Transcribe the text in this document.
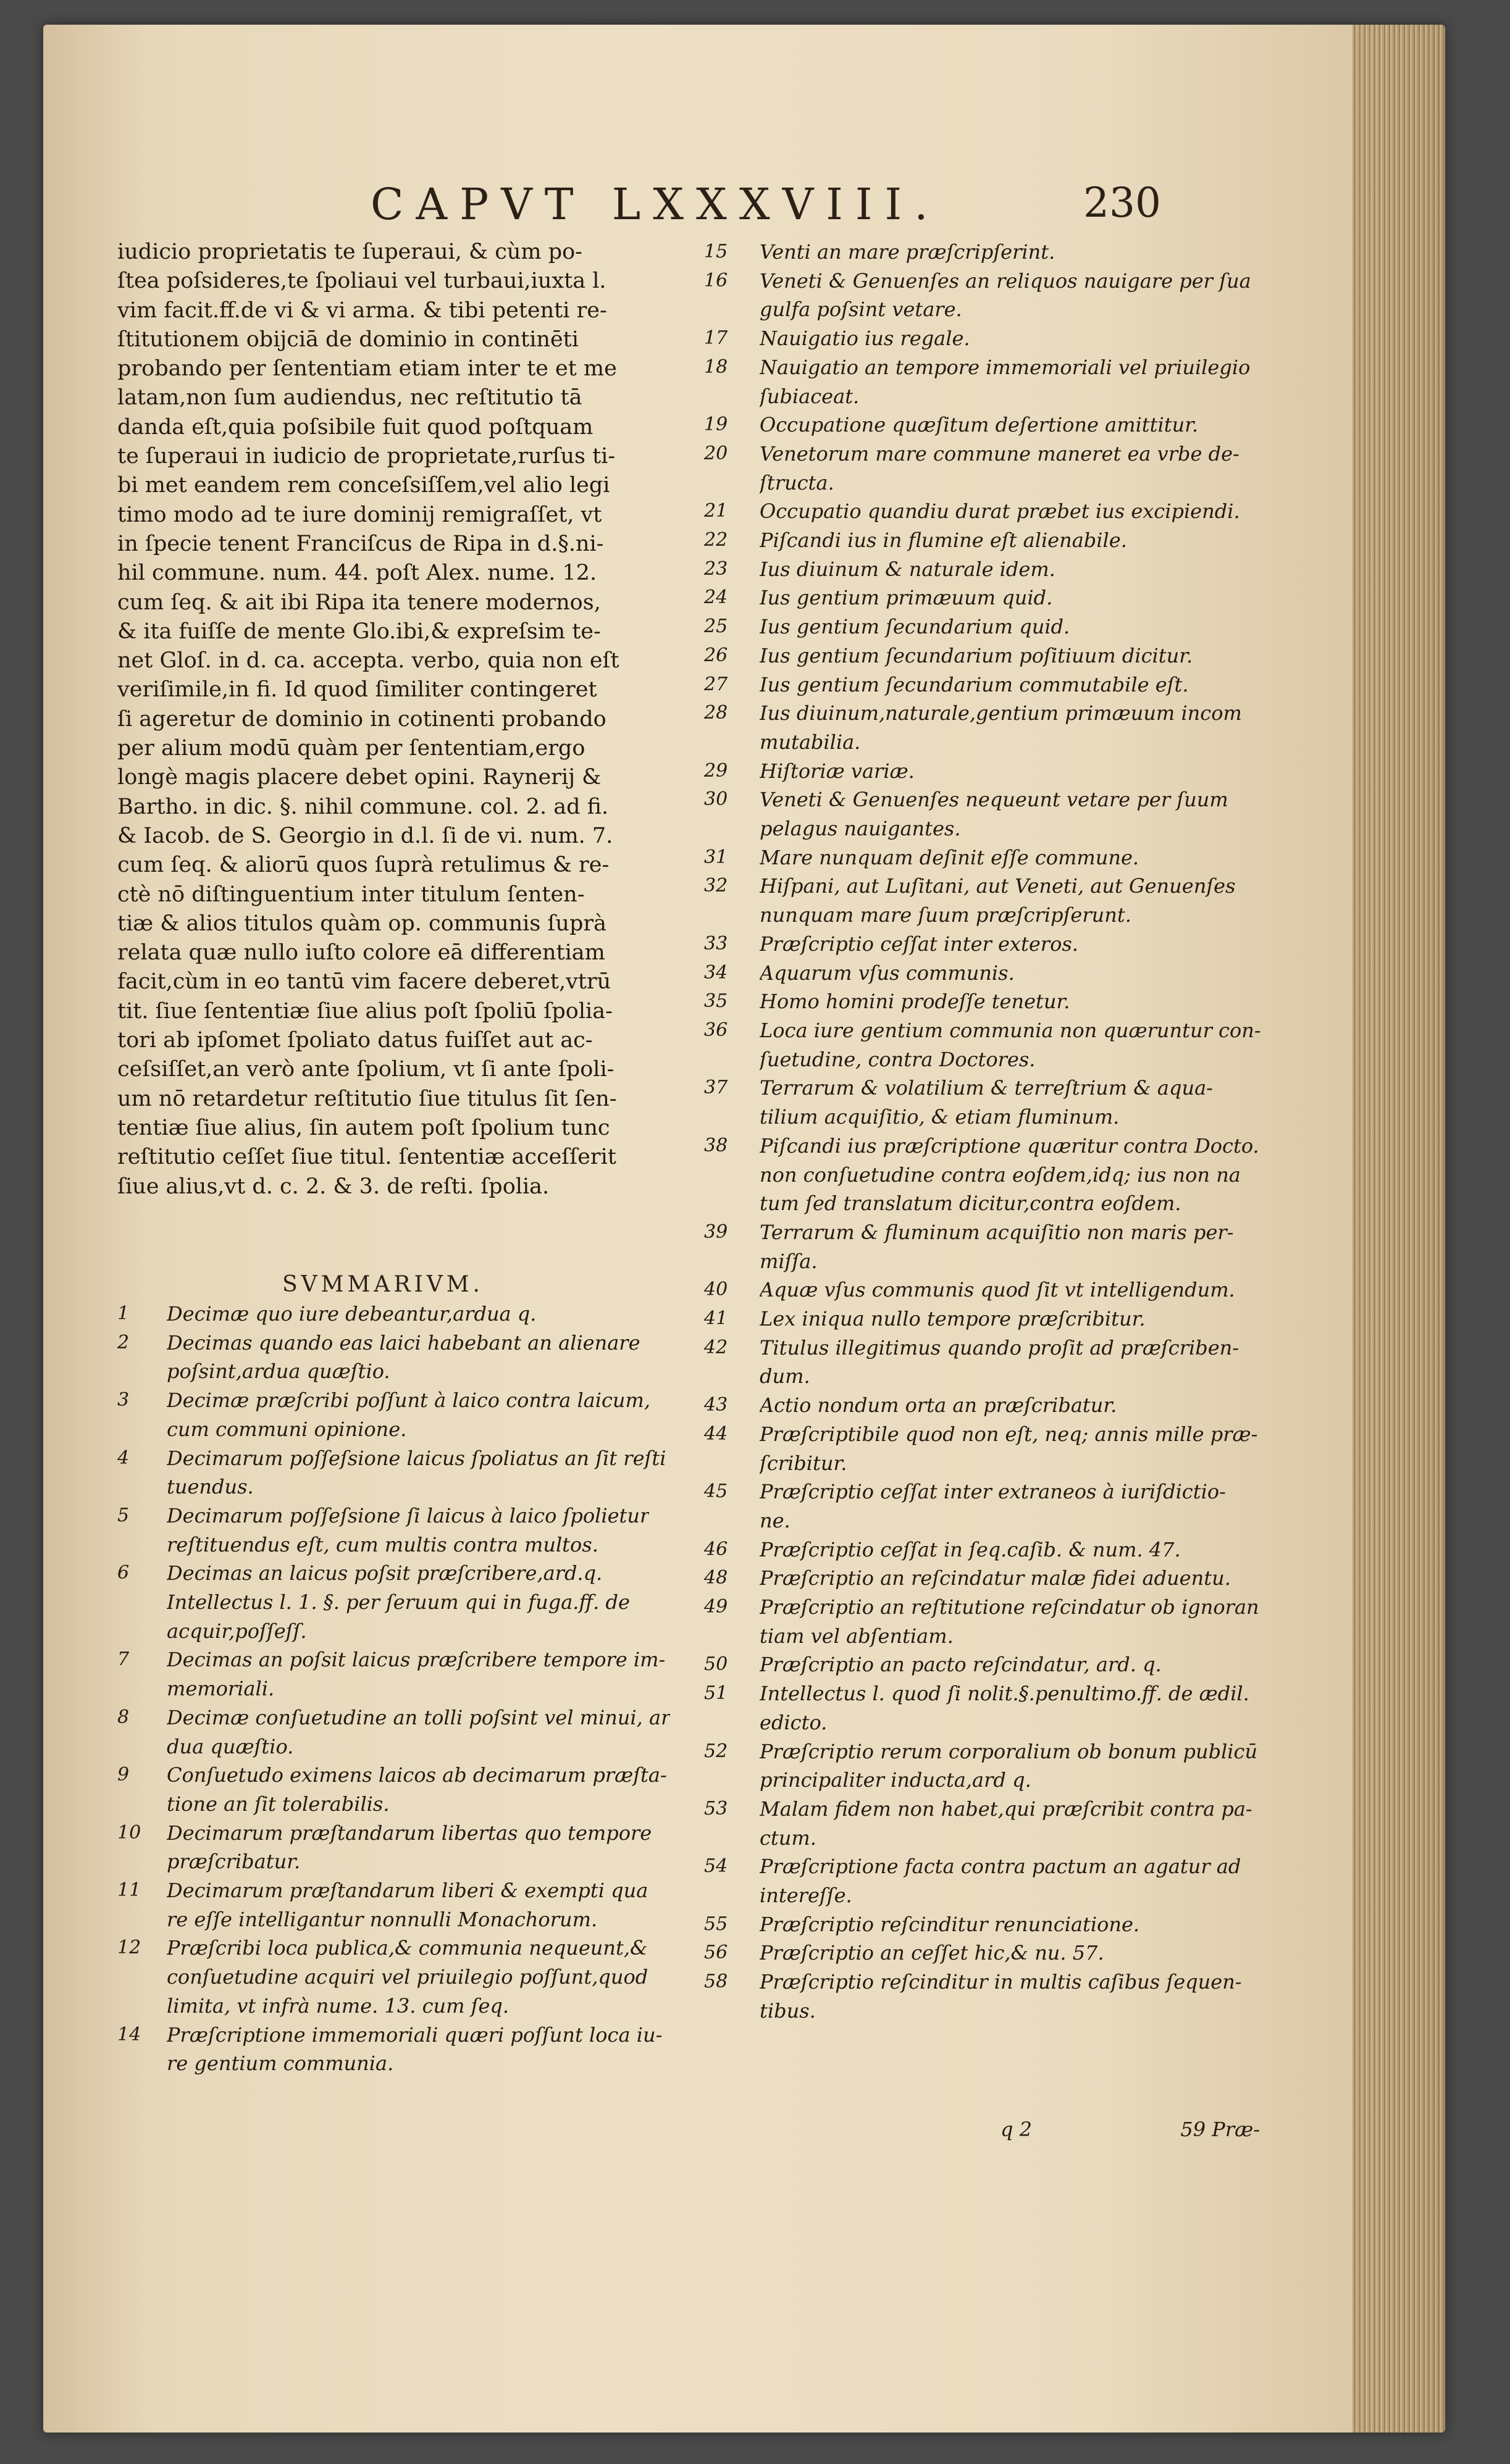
CAPVT LXXXVIII.	230
iudicio proprietatis te ſuperaui, & cùm po-
ſtea poſsideres,te ſpoliaui vel turbaui,iuxta l.
vim facit.ff.de vi & vi arma. & tibi petenti re-
ſtitutionem obijciā de dominio in continēti
probando per ſententiam etiam inter te et me
latam,non ſum audiendus, nec reſtitutio tā
danda eſt,quia poſsibile fuit quod poſtquam
te ſuperaui in iudicio de proprietate,rurſus ti-
bi met eandem rem conceſsiſſem,vel alio legi
timo modo ad te iure dominij remigraſſet, vt
in ſpecie tenent Franciſcus de Ripa in d.§.ni-
hil commune. num. 44. poſt Alex. nume. 12.
cum ſeq. & ait ibi Ripa ita tenere modernos,
& ita fuiſſe de mente Glo.ibi,& expreſsim te-
net Gloſ. in d. ca. accepta. verbo, quia non eſt
veriſimile,in fi. Id quod ſimiliter contingeret
ſi ageretur de dominio in cotinenti probando
per alium modū quàm per ſententiam,ergo
longè magis placere debet opini. Raynerij &
Bartho. in dic. §. nihil commune. col. 2. ad fi.
& Iacob. de S. Georgio in d.l. ſi de vi. num. 7.
cum ſeq. & aliorū quos ſuprà retulimus & re-
ctè nō diſtinguentium inter titulum ſenten-
tiæ & alios titulos quàm op. communis ſuprà
relata quæ nullo iuſto colore eā differentiam
facit,cùm in eo tantū vim facere deberet,vtrū
tit. ſiue ſententiæ ſiue alius poſt ſpoliū ſpolia-
tori ab ipſomet ſpoliato datus fuiſſet aut ac-
ceſsiſſet,an verò ante ſpolium, vt ſi ante ſpoli-
um nō retardetur reſtitutio ſiue titulus ſit ſen-
tentiæ ſiue alius, ſin autem poſt ſpolium tunc
reſtitutio ceſſet ſiue titul. ſententiæ acceſſerit
ſiue alius,vt d. c. 2. & 3. de reſti. ſpolia.
SVMMARIVM.
1	Decimæ quo iure debeantur,ardua q.
2	Decimas quando eas laici habebant an alienare
poſsint,ardua quæſtio.
3	Decimæ præſcribi poſſunt à laico contra laicum,
cum communi opinione.
4	Decimarum poſſeſsione laicus ſpoliatus an ſit reſti
tuendus.
5	Decimarum poſſeſsione ſi laicus à laico ſpolietur
reſtituendus eſt, cum multis contra multos.
6	Decimas an laicus poſsit præſcribere,ard.q.
Intellectus l. 1. §. per ſeruum qui in fuga.ff. de
acquir,poſſeſſ.
7	Decimas an poſsit laicus præſcribere tempore im-
memoriali.
8	Decimæ conſuetudine an tolli poſsint vel minui, ar
dua quæſtio.
9	Conſuetudo eximens laicos ab decimarum præſta-
tione an ſit tolerabilis.
10	Decimarum præſtandarum libertas quo tempore
præſcribatur.
11	Decimarum præſtandarum liberi & exempti qua
re eſſe intelligantur nonnulli Monachorum.
12	Præſcribi loca publica,& communia nequeunt,&
conſuetudine acquiri vel priuilegio poſſunt,quod
limita, vt infrà nume. 13. cum ſeq.
14	Præſcriptione immemoriali quæri poſſunt loca iu-
re gentium communia.
15	Venti an mare præſcripſerint.
16	Veneti & Genuenſes an reliquos nauigare per ſua
gulfa poſsint vetare.
17	Nauigatio ius regale.
18	Nauigatio an tempore immemoriali vel priuilegio
ſubiaceat.
19	Occupatione quæſitum deſertione amittitur.
20	Venetorum mare commune maneret ea vrbe de-
ſtructa.
21	Occupatio quandiu durat præbet ius excipiendi.
22	Piſcandi ius in flumine eſt alienabile.
23	Ius diuinum & naturale idem.
24	Ius gentium primæuum quid.
25	Ius gentium ſecundarium quid.
26	Ius gentium ſecundarium poſitiuum dicitur.
27	Ius gentium ſecundarium commutabile eſt.
28	Ius diuinum,naturale,gentium primæuum incom
mutabilia.
29	Hiſtoriæ variæ.
30	Veneti & Genuenſes nequeunt vetare per ſuum
pelagus nauigantes.
31	Mare nunquam deſinit eſſe commune.
32	Hiſpani, aut Luſitani, aut Veneti, aut Genuenſes
nunquam mare ſuum præſcripſerunt.
33	Præſcriptio ceſſat inter exteros.
34	Aquarum vſus communis.
35	Homo homini prodeſſe tenetur.
36	Loca iure gentium communia non quæruntur con-
ſuetudine, contra Doctores.
37	Terrarum & volatilium & terreſtrium & aqua-
tilium acquiſitio, & etiam fluminum.
38	Piſcandi ius præſcriptione quæritur contra Docto.
non conſuetudine contra eoſdem,idq; ius non na
tum ſed translatum dicitur,contra eoſdem.
39	Terrarum & fluminum acquiſitio non maris per-
miſſa.
40	Aquæ vſus communis quod ſit vt intelligendum.
41	Lex iniqua nullo tempore præſcribitur.
42	Titulus illegitimus quando proſit ad præſcriben-
dum.
43	Actio nondum orta an præſcribatur.
44	Præſcriptibile quod non eſt, neq; annis mille præ-
ſcribitur.
45	Præſcriptio ceſſat inter extraneos à iuriſdictio-
ne.
46	Præſcriptio ceſſat in ſeq.caſib. & num. 47.
48	Præſcriptio an reſcindatur malæ fidei aduentu.
49	Præſcriptio an reſtitutione reſcindatur ob ignoran
tiam vel abſentiam.
50	Præſcriptio an pacto reſcindatur, ard. q.
51	Intellectus l. quod ſi nolit.§.penultimo.ff. de ædil.
edicto.
52	Præſcriptio rerum corporalium ob bonum publicū
principaliter inducta,ard q.
53	Malam fidem non habet,qui præſcribit contra pa-
ctum.
54	Præſcriptione facta contra pactum an agatur ad
intereſſe.
55	Præſcriptio reſcinditur renunciatione.
56	Præſcriptio an ceſſet hic,& nu. 57.
58	Præſcriptio reſcinditur in multis caſibus ſequen-
tibus.
q 2	59 Præ-
